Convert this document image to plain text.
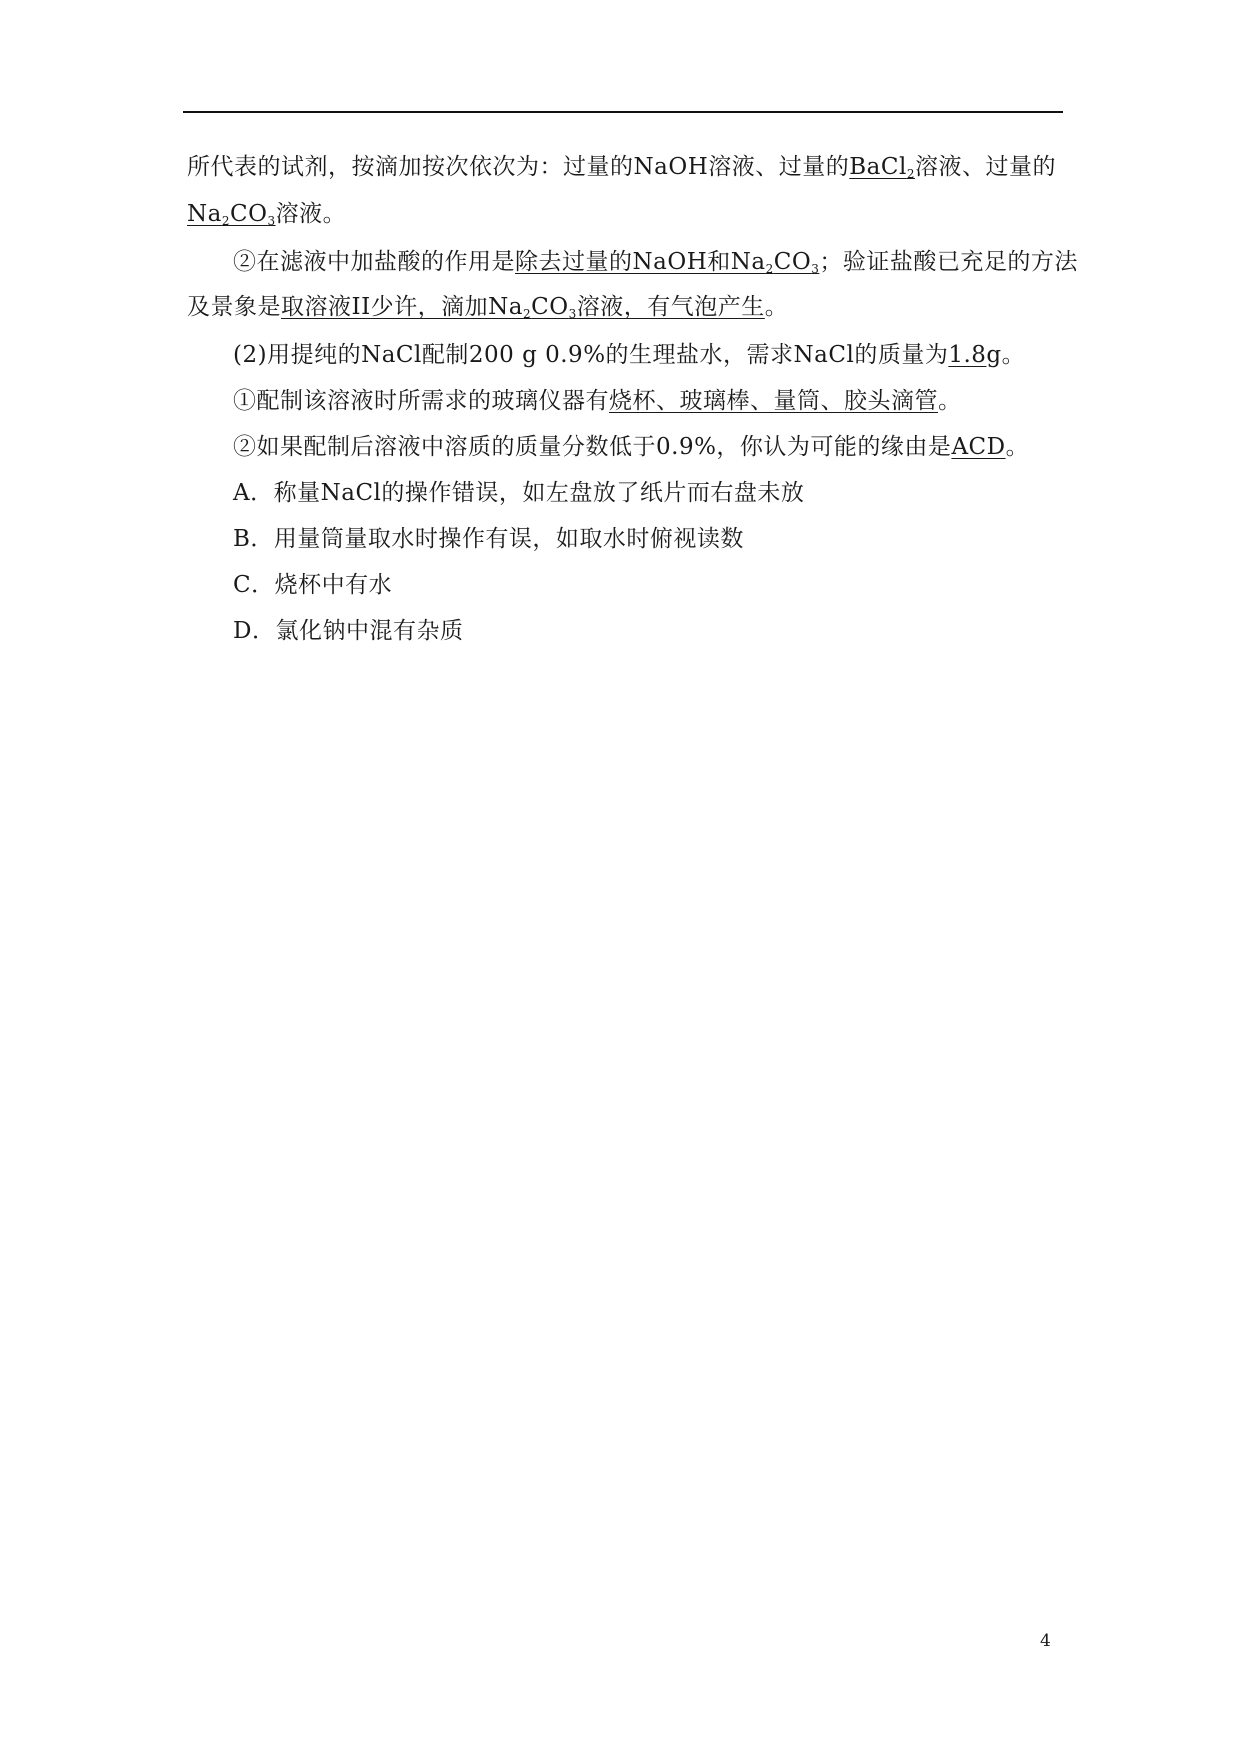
所代表的试剂，按滴加按次依次为：过量的NaOH溶液、过量的BaCl$_2$溶液、过量的
$Na_2CO_3$溶液。
②在滤液中加盐酸的作用是除去过量的NaOH和$Na_2CO_3$；验证盐酸已充足的方法
及景象是取溶液II少许，滴加$Na_2CO_3$溶液，有气泡产生。
(2)用提纯的NaCl配制200 g 0.9%的生理盐水，需求NaCl的质量为1.8g。
①配制该溶液时所需求的玻璃仪器有烧杯、玻璃棒、量筒、胶头滴管。
②如果配制后溶液中溶质的质量分数低于0.9%，你认为可能的缘由是ACD。
A．称量NaCl的操作错误，如左盘放了纸片而右盘未放
B．用量筒量取水时操作有误，如取水时俯视读数
C．烧杯中有水
D．氯化钠中混有杂质
4
